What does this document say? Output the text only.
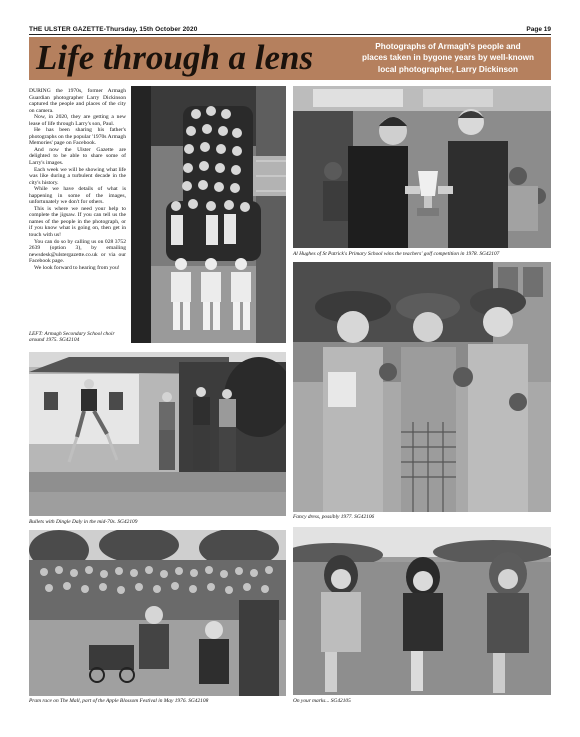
THE ULSTER GAZETTE-Thursday, 15th October 2020	Page 19
Life through a lens	Photographs of Armagh's people and
places taken in bygone years by well-known
local photographer, Larry Dickinson

DURING the 1970s, former Armagh Guardian photographer Larry Dickinson captured the people and places of the city on camera.

Now, in 2020, they are getting a new lease of life through Larry's son, Paul.

He has been sharing his father's photographs on the popular '1970s Armagh Memories' page on Facebook.

And now the Ulster Gazette are delighted to be able to share some of Larry's images.

Each week we will be showing what life was like during a turbulent decade in the city's history.

While we have details of what is happening in some of the images, unfortunately we don't for others.

This is where we need your help to complete the jigsaw. If you can tell us the names of the people in the photograph, or if you know what is going on, then get in touch with us!

You can do so by calling us on 028 3752 2639 (option 3), by emailing newsdesk@ulstergazette.co.uk or via our Facebook page.

We look forward to hearing from you!

LEFT: Armagh Secondary School choir around 1975. SG42104
Al Hughes of St Patrick's Primary School wins the teachers' golf competition in 1978. SG42107
Fancy dress, possibly 1977. SG42106
Bullets with Dingle Daly in the mid-70s. SG42109
Pram race on The Mall, part of the Apple Blossom Festival in May 1976. SG42108	On your marks... SG42105
